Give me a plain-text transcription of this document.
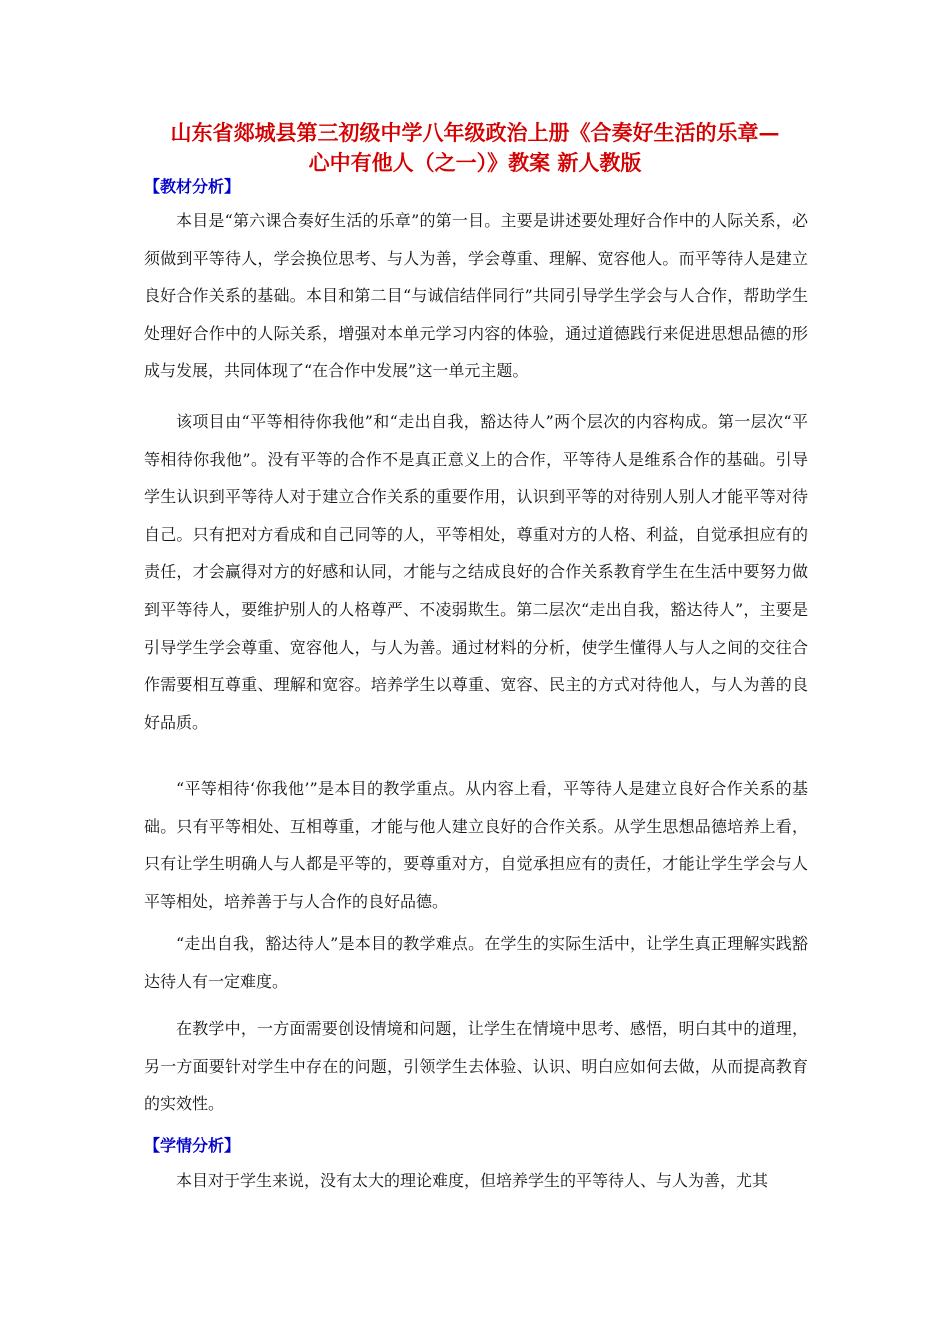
山东省郯城县第三初级中学八年级政治上册《合奏好生活的乐章—
心中有他人（之一）》教案 新人教版
【教材分析】

本目是“第六课合奏好生活的乐章”的第一目。主要是讲述要处理好合作中的人际关系，必须做到平等待人，学会换位思考、与人为善，学会尊重、理解、宽容他人。而平等待人是建立良好合作关系的基础。本目和第二目“与诚信结伴同行”共同引导学生学会与人合作，帮助学生处理好合作中的人际关系，增强对本单元学习内容的体验，通过道德践行来促进思想品德的形成与发展，共同体现了“在合作中发展”这一单元主题。

该项目由“平等相待你我他”和“走出自我，豁达待人”两个层次的内容构成。第一层次“平等相待你我他”。没有平等的合作不是真正意义上的合作，平等待人是维系合作的基础。引导学生认识到平等待人对于建立合作关系的重要作用，认识到平等的对待别人别人才能平等对待自己。只有把对方看成和自己同等的人，平等相处，尊重对方的人格、利益，自觉承担应有的责任，才会赢得对方的好感和认同，才能与之结成良好的合作关系教育学生在生活中要努力做到平等待人，要维护别人的人格尊严、不凌弱欺生。第二层次“走出自我，豁达待人”，主要是引导学生学会尊重、宽容他人，与人为善。通过材料的分析，使学生懂得人与人之间的交往合作需要相互尊重、理解和宽容。培养学生以尊重、宽容、民主的方式对待他人，与人为善的良好品质。

“平等相待‘你我他’”是本目的教学重点。从内容上看，平等待人是建立良好合作关系的基础。只有平等相处、互相尊重，才能与他人建立良好的合作关系。从学生思想品德培养上看，只有让学生明确人与人都是平等的，要尊重对方，自觉承担应有的责任，才能让学生学会与人平等相处，培养善于与人合作的良好品德。

“走出自我，豁达待人”是本目的教学难点。在学生的实际生活中，让学生真正理解实践豁达待人有一定难度。

在教学中，一方面需要创设情境和问题，让学生在情境中思考、感悟，明白其中的道理，另一方面要针对学生中存在的问题，引领学生去体验、认识、明白应如何去做，从而提高教育的实效性。

【学情分析】

本目对于学生来说，没有太大的理论难度，但培养学生的平等待人、与人为善，尤其
